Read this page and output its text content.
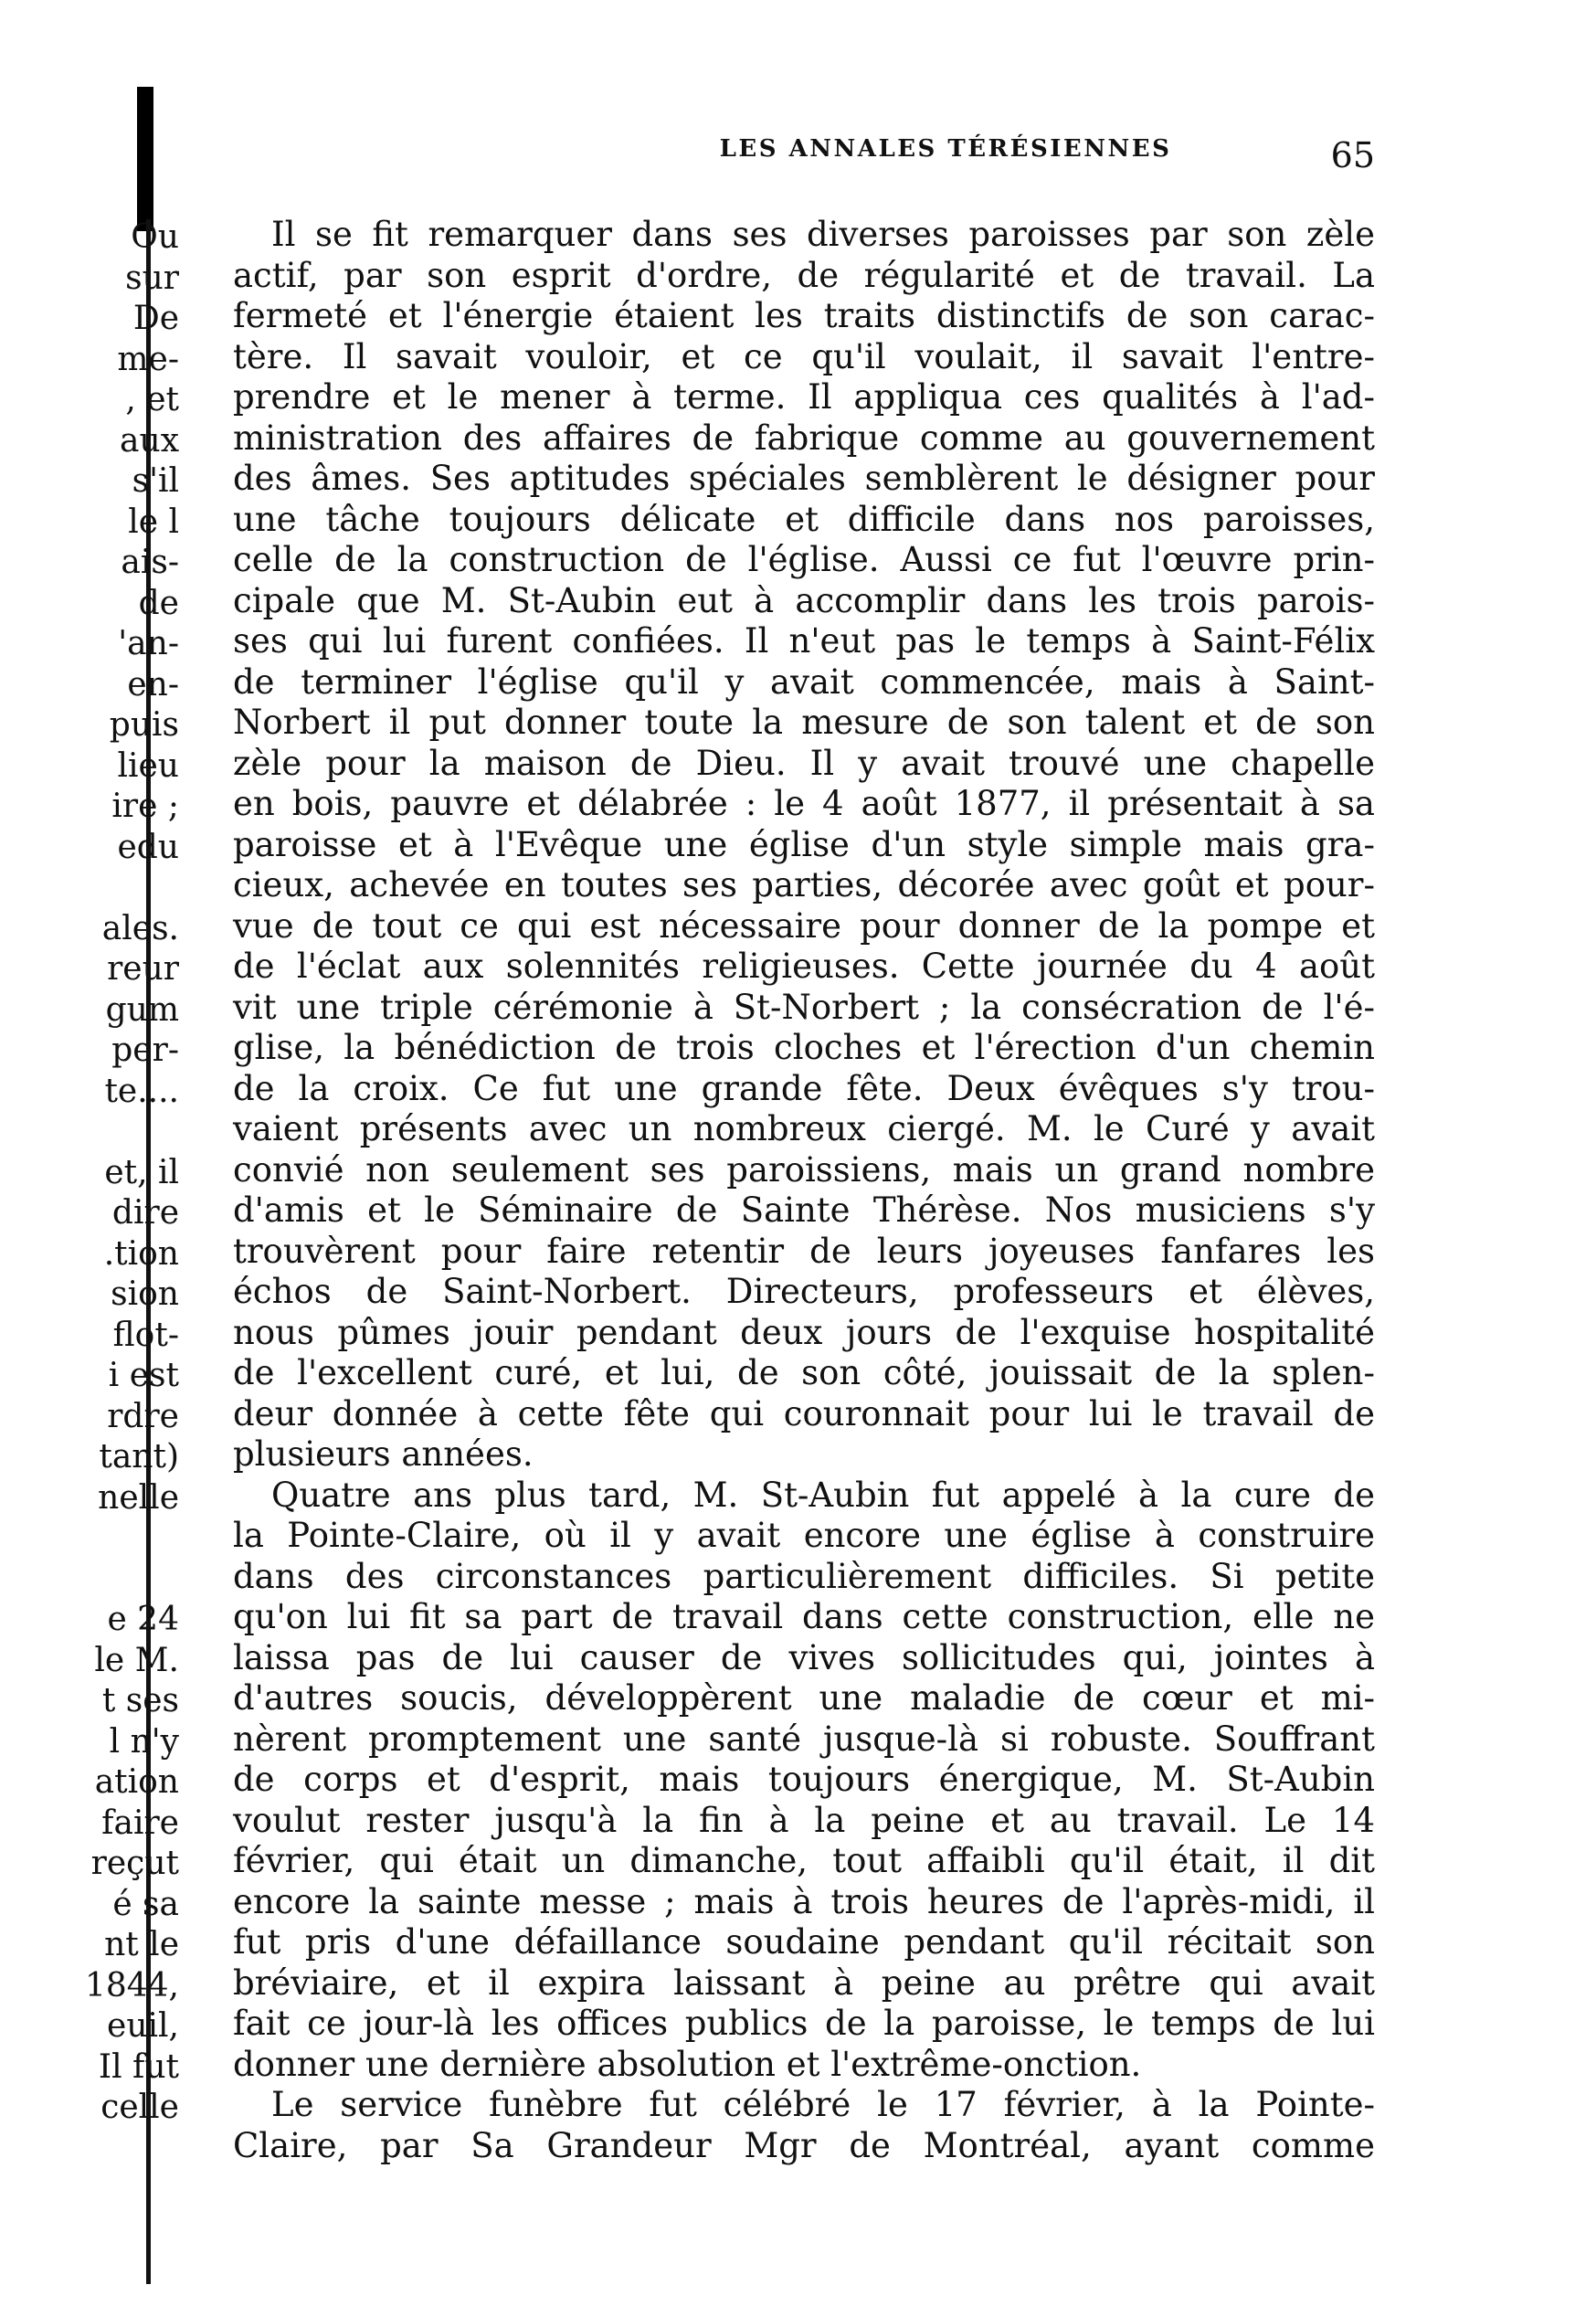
Ou
sur
De
me-
, et
aux
s'il
le l
ais-
de
'an-
en-
puis
lieu
ire ;
edu
ales.
reur
gum
per-
te....
et, il
dire
.tion
sion
flot-
i est
rdre
tant)
nelle
e 24
le M.
t ses
l n'y
ation
faire
reçut
é sa
nt le
1844,
euil,
Il fut
celle
LES ANNALES TÉRÉSIENNES	65
Il se fit remarquer dans ses diverses paroisses par son zèle
actif, par son esprit d'ordre, de régularité et de travail. La
fermeté et l'énergie étaient les traits distinctifs de son carac-
tère. Il savait vouloir, et ce qu'il voulait, il savait l'entre-
prendre et le mener à terme. Il appliqua ces qualités à l'ad-
ministration des affaires de fabrique comme au gouvernement
des âmes. Ses aptitudes spéciales semblèrent le désigner pour
une tâche toujours délicate et difficile dans nos paroisses,
celle de la construction de l'église. Aussi ce fut l'œuvre prin-
cipale que M. St-Aubin eut à accomplir dans les trois parois-
ses qui lui furent confiées. Il n'eut pas le temps à Saint-Félix
de terminer l'église qu'il y avait commencée, mais à Saint-
Norbert il put donner toute la mesure de son talent et de son
zèle pour la maison de Dieu. Il y avait trouvé une chapelle
en bois, pauvre et délabrée : le 4 août 1877, il présentait à sa
paroisse et à l'Evêque une église d'un style simple mais gra-
cieux, achevée en toutes ses parties, décorée avec goût et pour-
vue de tout ce qui est nécessaire pour donner de la pompe et
de l'éclat aux solennités religieuses. Cette journée du 4 août
vit une triple cérémonie à St-Norbert ; la consécration de l'é-
glise, la bénédiction de trois cloches et l'érection d'un chemin
de la croix. Ce fut une grande fête. Deux évêques s'y trou-
vaient présents avec un nombreux ciergé. M. le Curé y avait
convié non seulement ses paroissiens, mais un grand nombre
d'amis et le Séminaire de Sainte Thérèse. Nos musiciens s'y
trouvèrent pour faire retentir de leurs joyeuses fanfares les
échos de Saint-Norbert. Directeurs, professeurs et élèves,
nous pûmes jouir pendant deux jours de l'exquise hospitalité
de l'excellent curé, et lui, de son côté, jouissait de la splen-
deur donnée à cette fête qui couronnait pour lui le travail de
plusieurs années.
Quatre ans plus tard, M. St-Aubin fut appelé à la cure de
la Pointe-Claire, où il y avait encore une église à construire
dans des circonstances particulièrement difficiles. Si petite
qu'on lui fit sa part de travail dans cette construction, elle ne
laissa pas de lui causer de vives sollicitudes qui, jointes à
d'autres soucis, développèrent une maladie de cœur et mi-
nèrent promptement une santé jusque-là si robuste. Souffrant
de corps et d'esprit, mais toujours énergique, M. St-Aubin
voulut rester jusqu'à la fin à la peine et au travail. Le 14
février, qui était un dimanche, tout affaibli qu'il était, il dit
encore la sainte messe ; mais à trois heures de l'après-midi, il
fut pris d'une défaillance soudaine pendant qu'il récitait son
bréviaire, et il expira laissant à peine au prêtre qui avait
fait ce jour-là les offices publics de la paroisse, le temps de lui
donner une dernière absolution et l'extrême-onction.
Le service funèbre fut célébré le 17 février, à la Pointe-
Claire, par Sa Grandeur Mgr de Montréal, ayant comme
